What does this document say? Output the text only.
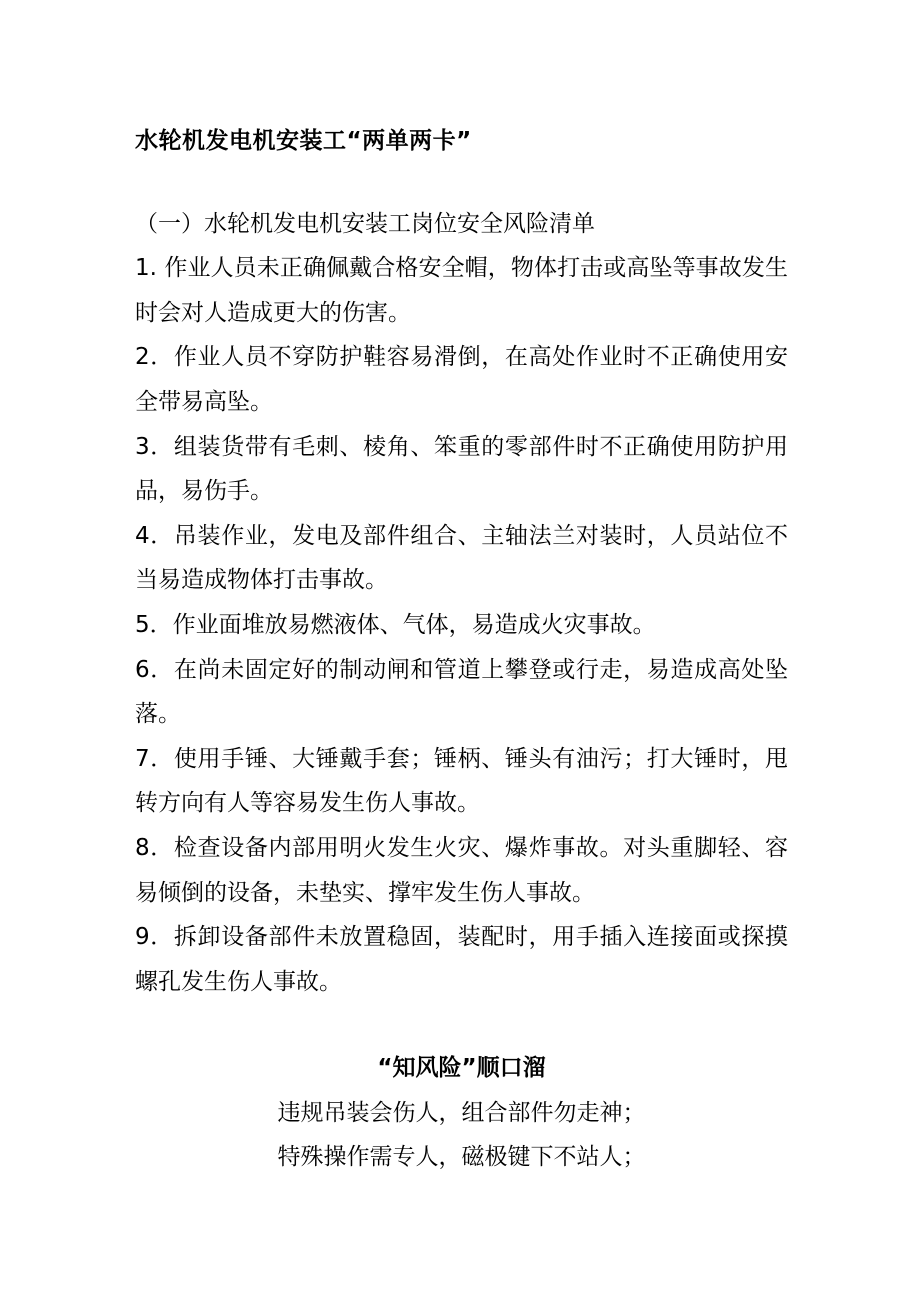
水轮机发电机安装工“两单两卡”
（一）水轮机发电机安装工岗位安全风险清单

1. 作业人员未正确佩戴合格安全帽，物体打击或高坠等事故发生时会对人造成更大的伤害。

2．作业人员不穿防护鞋容易滑倒，在高处作业时不正确使用安全带易高坠。

3．组装货带有毛刺、棱角、笨重的零部件时不正确使用防护用品，易伤手。

4．吊装作业，发电及部件组合、主轴法兰对装时，人员站位不当易造成物体打击事故。

5．作业面堆放易燃液体、气体，易造成火灾事故。

6．在尚未固定好的制动闸和管道上攀登或行走，易造成高处坠落。

7．使用手锤、大锤戴手套；锤柄、锤头有油污；打大锤时，甩转方向有人等容易发生伤人事故。

8．检查设备内部用明火发生火灾、爆炸事故。对头重脚轻、容易倾倒的设备，未垫实、撑牢发生伤人事故。

9．拆卸设备部件未放置稳固，装配时，用手插入连接面或探摸螺孔发生伤人事故。

“知风险”顺口溜

违规吊装会伤人，组合部件勿走神；

特殊操作需专人，磁极键下不站人；
